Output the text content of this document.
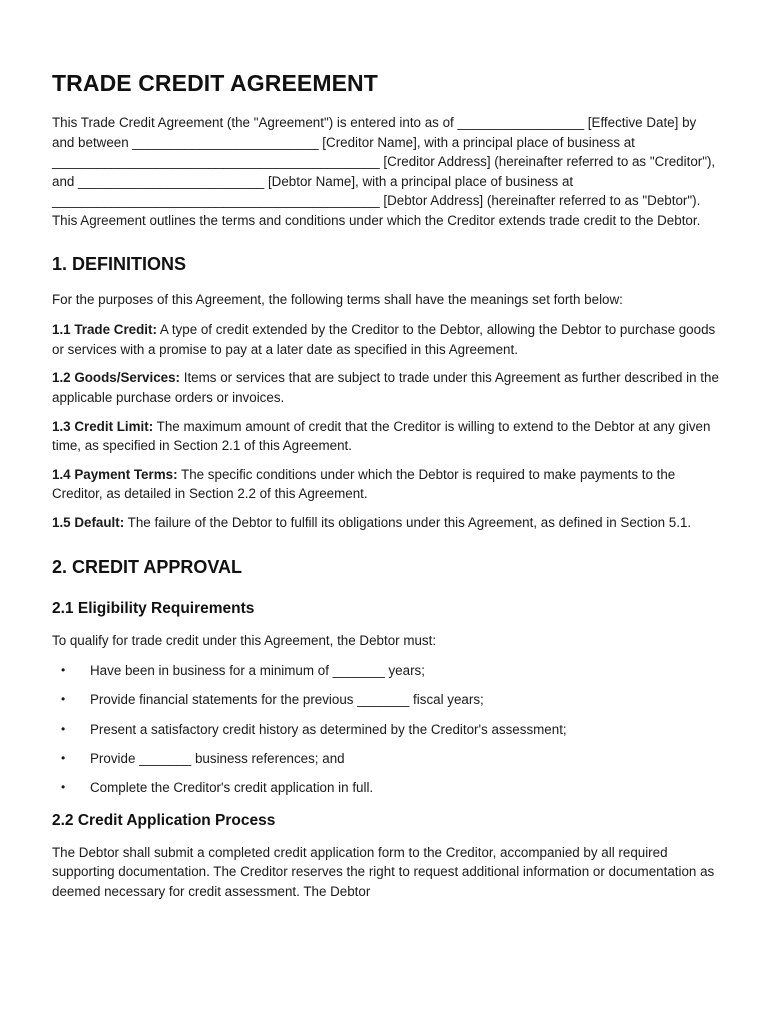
TRADE CREDIT AGREEMENT

This Trade Credit Agreement (the "Agreement") is entered into as of _________________ [Effective Date] by and between _________________________ [Creditor Name], with a principal place of business at ____________________________________________ [Creditor Address] (hereinafter referred to as "Creditor"), and _________________________ [Debtor Name], with a principal place of business at ____________________________________________ [Debtor Address] (hereinafter referred to as "Debtor"). This Agreement outlines the terms and conditions under which the Creditor extends trade credit to the Debtor.

1. DEFINITIONS

For the purposes of this Agreement, the following terms shall have the meanings set forth below:

1.1 Trade Credit: A type of credit extended by the Creditor to the Debtor, allowing the Debtor to purchase goods or services with a promise to pay at a later date as specified in this Agreement.

1.2 Goods/Services: Items or services that are subject to trade under this Agreement as further described in the applicable purchase orders or invoices.

1.3 Credit Limit: The maximum amount of credit that the Creditor is willing to extend to the Debtor at any given time, as specified in Section 2.1 of this Agreement.

1.4 Payment Terms: The specific conditions under which the Debtor is required to make payments to the Creditor, as detailed in Section 2.2 of this Agreement.

1.5 Default: The failure of the Debtor to fulfill its obligations under this Agreement, as defined in Section 5.1.

2. CREDIT APPROVAL
2.1 Eligibility Requirements

To qualify for trade credit under this Agreement, the Debtor must:

• Have been in business for a minimum of _______ years;
• Provide financial statements for the previous _______ fiscal years;
• Present a satisfactory credit history as determined by the Creditor's assessment;
• Provide _______ business references; and
• Complete the Creditor's credit application in full.
2.2 Credit Application Process

The Debtor shall submit a completed credit application form to the Creditor, accompanied by all required supporting documentation. The Creditor reserves the right to request additional information or documentation as deemed necessary for credit assessment. The Debtor
